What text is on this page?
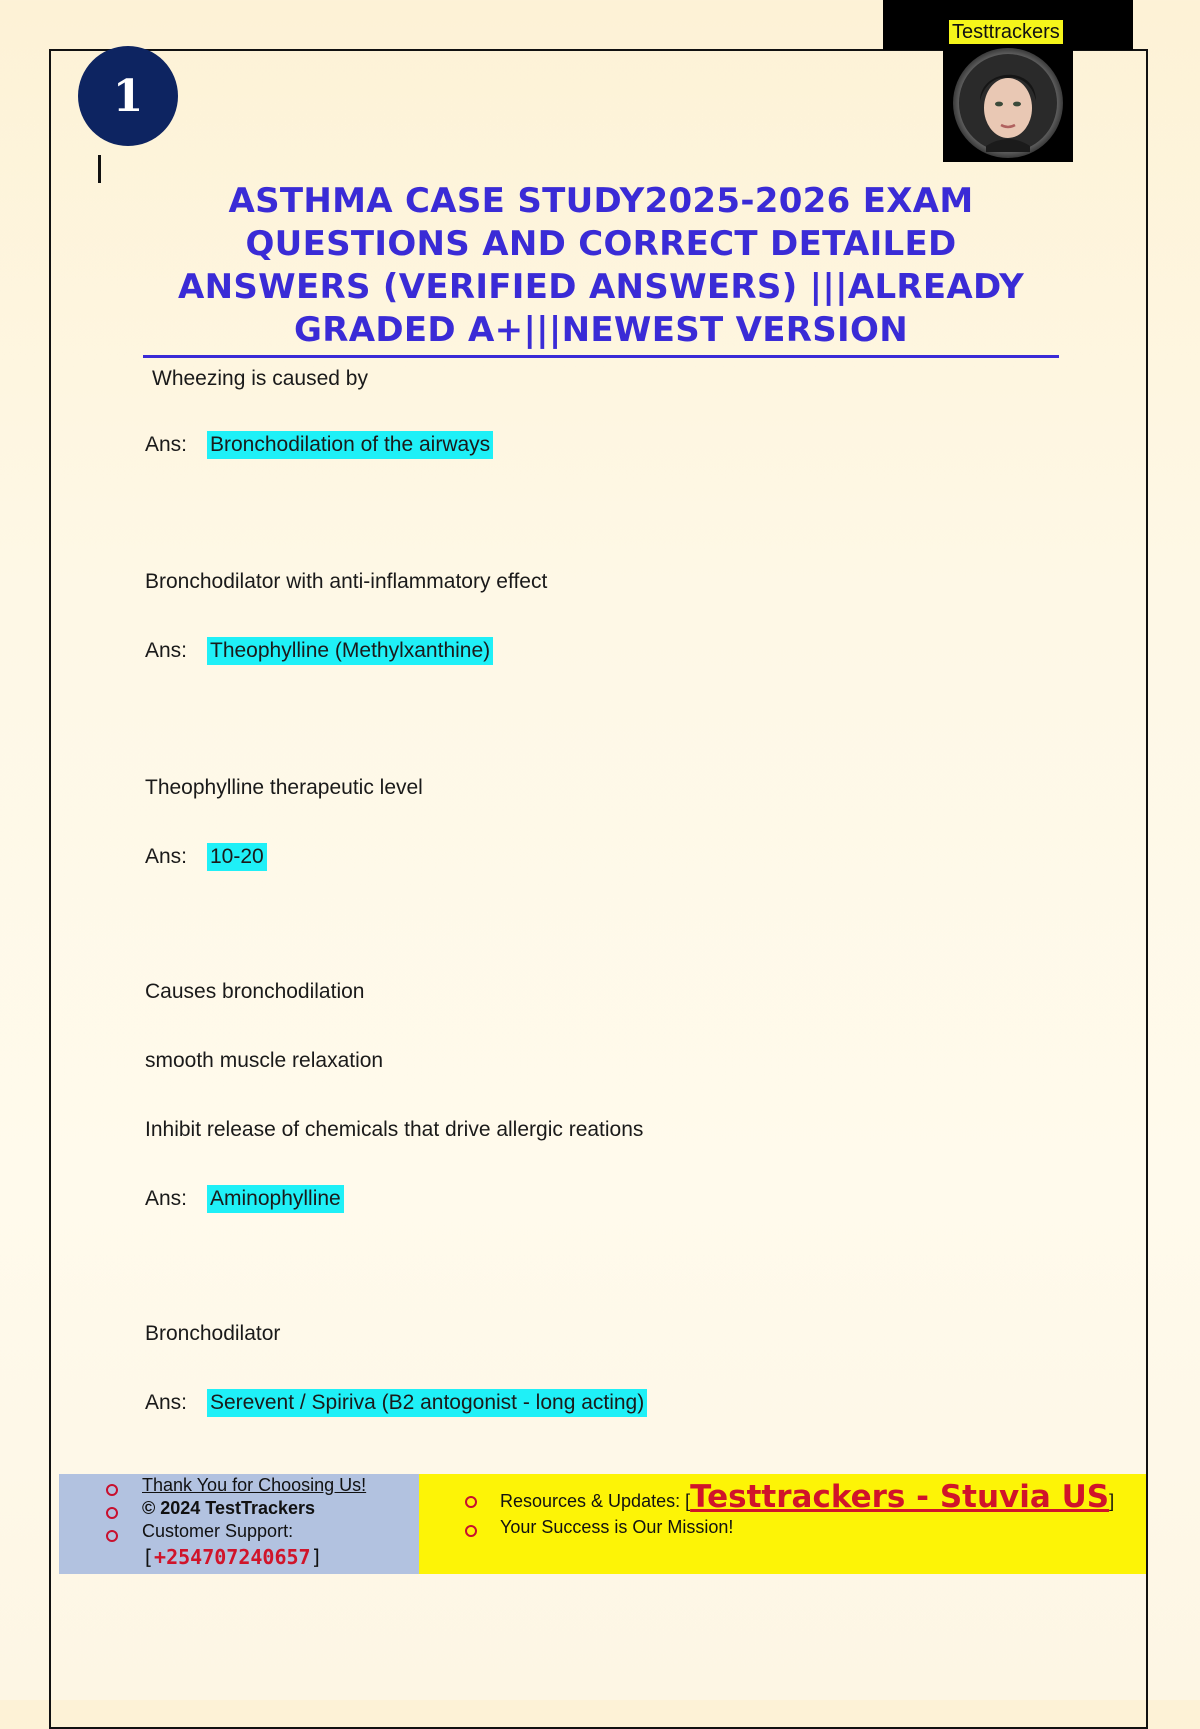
1
Testtrackers
ASTHMA CASE STUDY2025-2026 EXAM QUESTIONS AND CORRECT DETAILED ANSWERS (VERIFIED ANSWERS) |||ALREADY GRADED A+|||NEWEST VERSION
Wheezing is caused by
Ans: Bronchodilation of the airways
Bronchodilator with anti-inflammatory effect
Ans: Theophylline (Methylxanthine)
Theophylline therapeutic level
Ans: 10-20
Causes bronchodilation
smooth muscle relaxation
Inhibit release of chemicals that drive allergic reations
Ans: Aminophylline
Bronchodilator
Ans: Serevent / Spiriva (B2 antogonist - long acting)
Thank You for Choosing Us!
© 2024 TestTrackers
Customer Support:
[+254707240657]
Resources & Updates: [Testtrackers - Stuvia US]
Your Success is Our Mission!
